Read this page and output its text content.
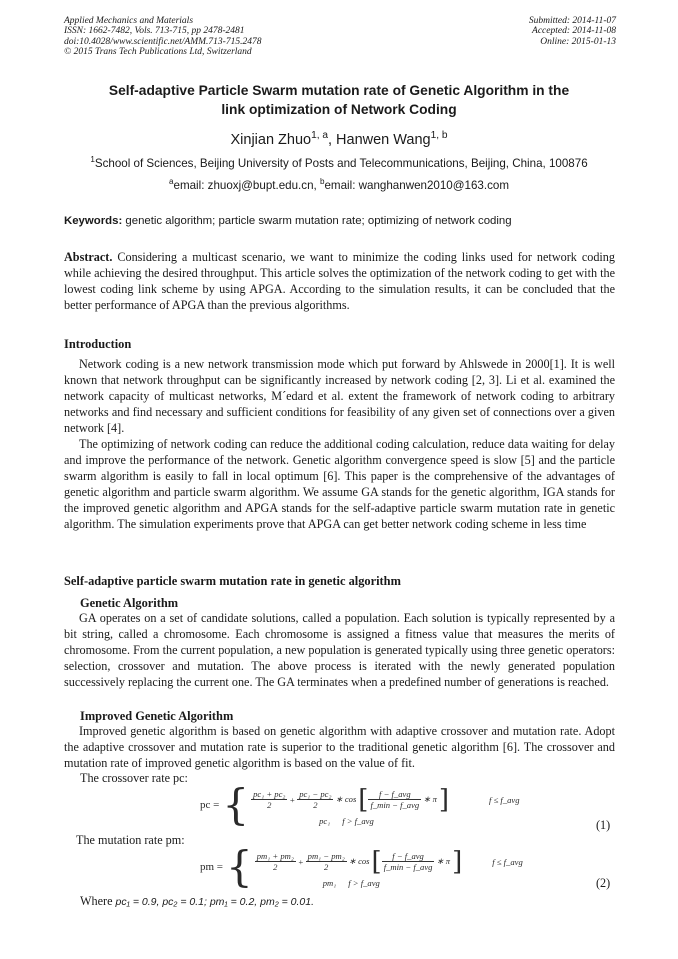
Applied Mechanics and Materials
ISSN: 1662-7482, Vols. 713-715, pp 2478-2481
doi:10.4028/www.scientific.net/AMM.713-715.2478
© 2015 Trans Tech Publications Ltd, Switzerland
Submitted: 2014-11-07
Accepted: 2014-11-08
Online: 2015-01-13
Self-adaptive Particle Swarm mutation rate of Genetic Algorithm in the
link optimization of Network Coding
Xinjian Zhuo$^{1, a}$, Hanwen Wang$^{1, b}$
$^1$School of Sciences, Beijing University of Posts and Telecommunications, Beijing, China, 100876
$^a$email: zhuoxj@bupt.edu.cn, $^b$email: wanghanwen2010@163.com
Keywords: genetic algorithm; particle swarm mutation rate; optimizing of network coding
Abstract. Considering a multicast scenario, we want to minimize the coding links used for network coding while achieving the desired throughput. This article solves the optimization of the network coding to get with the lowest coding link scheme by using APGA. According to the simulation results, it can be concluded that the better performance of APGA than the previous algorithms.
Introduction
Network coding is a new network transmission mode which put forward by Ahlswede in 2000[1]. It is well known that network throughput can be significantly increased by network coding [2, 3]. Li et al. examined the network capacity of multicast networks, M´edard et al. extent the framework of network coding to arbitrary networks and find necessary and sufficient conditions for feasibility of any given set of connections over a given network [4].
The optimizing of network coding can reduce the additional coding calculation, reduce data waiting for delay and improve the performance of the network. Genetic algorithm convergence speed is slow [5] and the particle swarm algorithm is easily to fall in local optimum [6]. This paper is the comprehensive of the advantages of genetic algorithm and particle swarm algorithm. We assume GA stands for the genetic algorithm, IGA stands for the improved genetic algorithm and APGA stands for the self-adaptive particle swarm mutation rate in genetic algorithm. The simulation experiments prove that APGA can get better network coding scheme in less time
Self-adaptive particle swarm mutation rate in genetic algorithm
Genetic Algorithm
GA operates on a set of candidate solutions, called a population. Each solution is typically represented by a bit string, called a chromosome. Each chromosome is assigned a fitness value that measures the merits of chromosome. From the current population, a new population is generated typically using three genetic operators: selection, crossover and mutation. The above process is iterated with the newly generated population successively replacing the current one. The GA terminates when a predefined number of generations is reached.
Improved Genetic Algorithm
Improved genetic algorithm is based on genetic algorithm with adaptive crossover and mutation rate. Adopt the adaptive crossover and mutation rate is superior to the traditional genetic algorithm [6]. The crossover and mutation rate of improved genetic algorithm is based on the value of fit.
The crossover rate pc:
pc = { $\frac{\text{pc₁ + pc₂}}{2} + \frac{\text{pc₁ − pc₂}}{2}$ ∗ cos [ $\frac{\text{f − f\_avg}}{\text{f\_min − f\_avg}}$ ∗ π ]	f ≤ f_avg
pc₁ f > f_avg	(1)
The mutation rate pm:
pm = { $\frac{\text{pm₁ + pm₂}}{2} + \frac{\text{pm₁ − pm₂}}{2}$ ∗ cos [ $\frac{\text{f − f\_avg}}{\text{f\_min − f\_avg}}$ ∗ π ]	f ≤ f_avg
pm₁ f > f_avg	(2)
Where pc₁ = 0.9, pc₂ = 0.1; pm₁ = 0.2, pm₂ = 0.01.
